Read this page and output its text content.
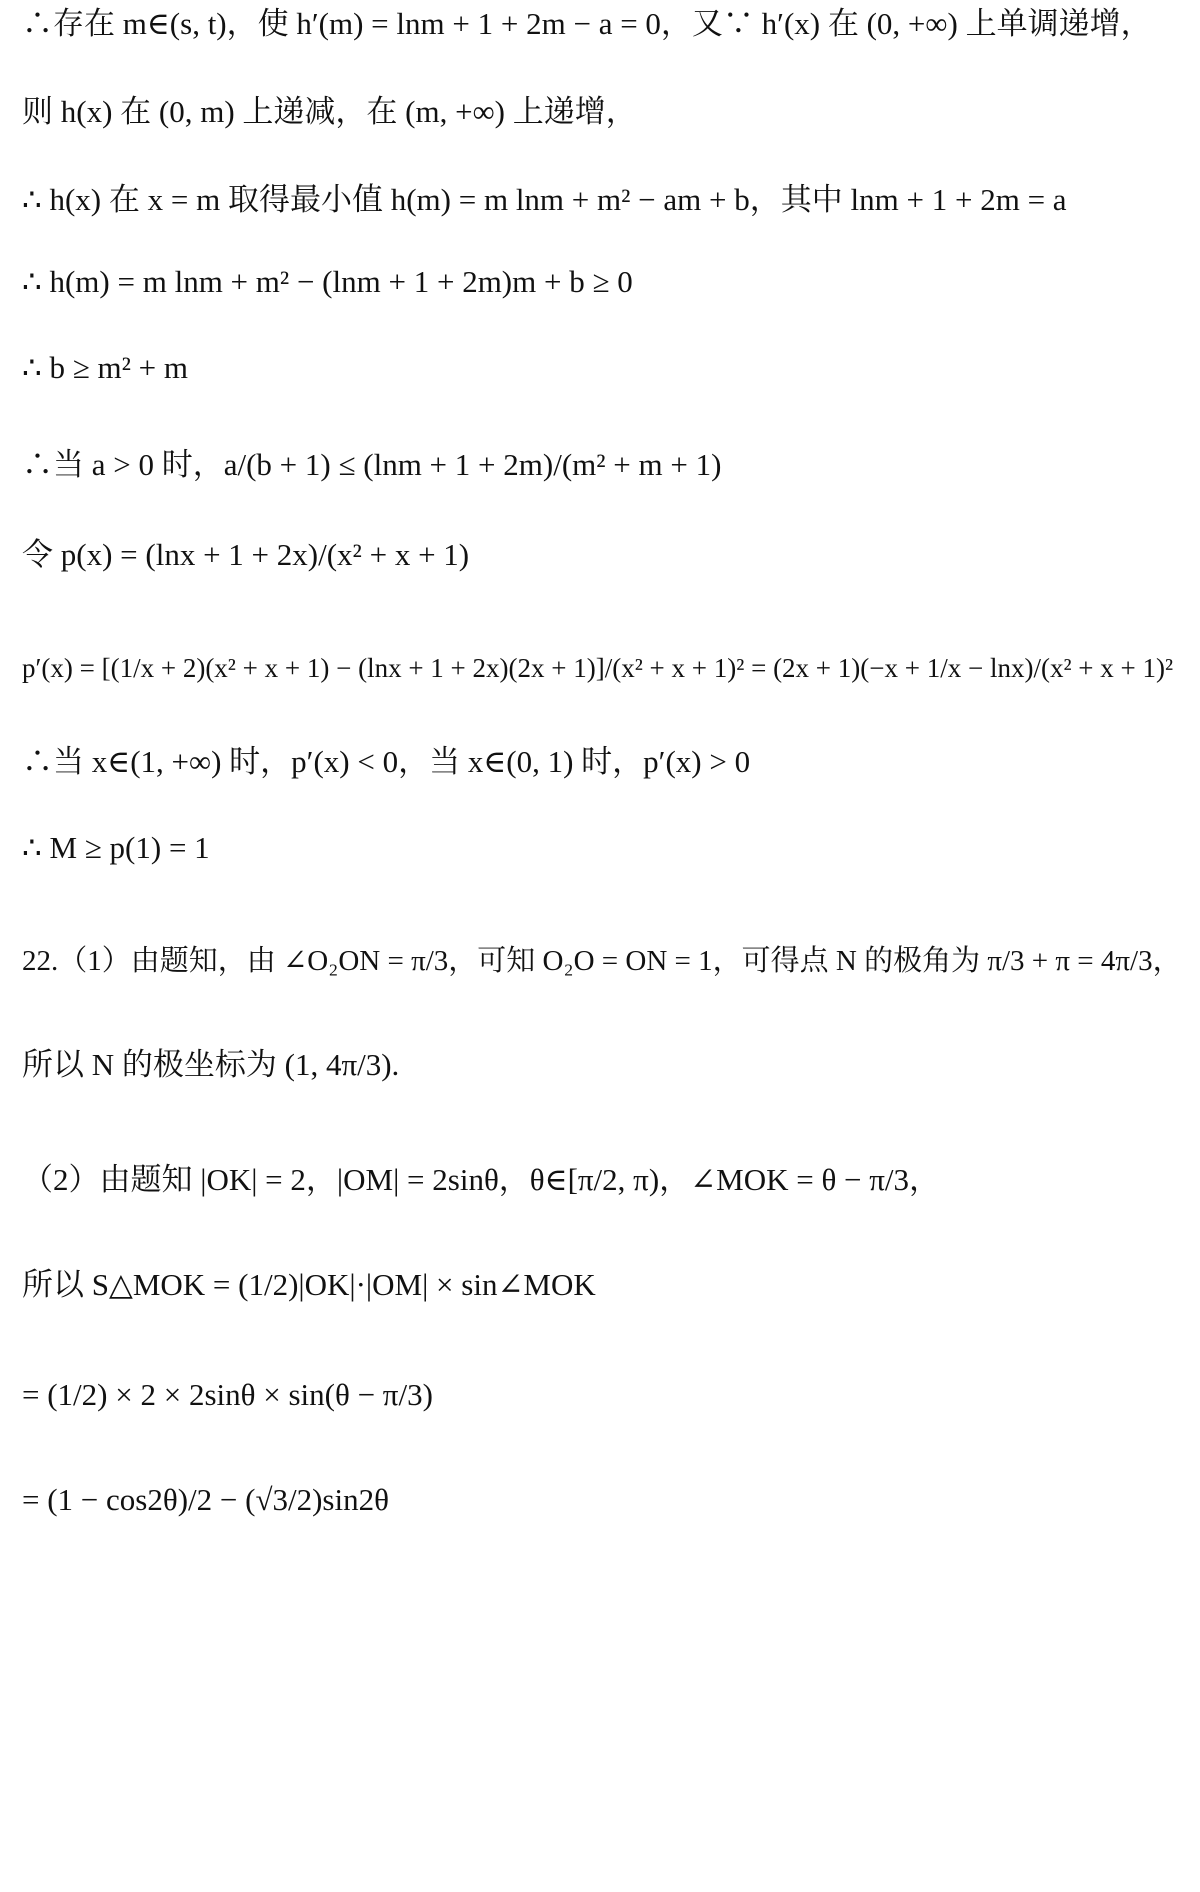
∴存在 m∈(s, t)，使 h′(m) = lnm + 1 + 2m − a = 0，又∵ h′(x) 在 (0, +∞) 上单调递增，
则 h(x) 在 (0, m) 上递减，在 (m, +∞) 上递增，
∴ h(x) 在 x = m 取得最小值 h(m) = m lnm + m² − am + b，其中 lnm + 1 + 2m = a
∴ h(m) = m lnm + m² − (lnm + 1 + 2m)m + b ≥ 0
∴ b ≥ m² + m
∴当 a > 0 时，a/(b + 1) ≤ (lnm + 1 + 2m)/(m² + m + 1)
令 p(x) = (lnx + 1 + 2x)/(x² + x + 1)
p′(x) = [(1/x + 2)(x² + x + 1) − (lnx + 1 + 2x)(2x + 1)]/(x² + x + 1)² = (2x + 1)(−x + 1/x − lnx)/(x² + x + 1)²
∴当 x∈(1, +∞) 时，p′(x) < 0，当 x∈(0, 1) 时，p′(x) > 0
∴ M ≥ p(1) = 1
22.（1）由题知，由 ∠O₂ON = π/3，可知 O₂O = ON = 1，可得点 N 的极角为 π/3 + π = 4π/3，
所以 N 的极坐标为 (1, 4π/3).
（2）由题知 |OK| = 2，|OM| = 2sinθ，θ∈[π/2, π)，∠MOK = θ − π/3，
所以 S△MOK = (1/2)|OK|·|OM| × sin∠MOK
= (1/2) × 2 × 2sinθ × sin(θ − π/3)
= (1 − cos2θ)/2 − (√3/2)sin2θ
